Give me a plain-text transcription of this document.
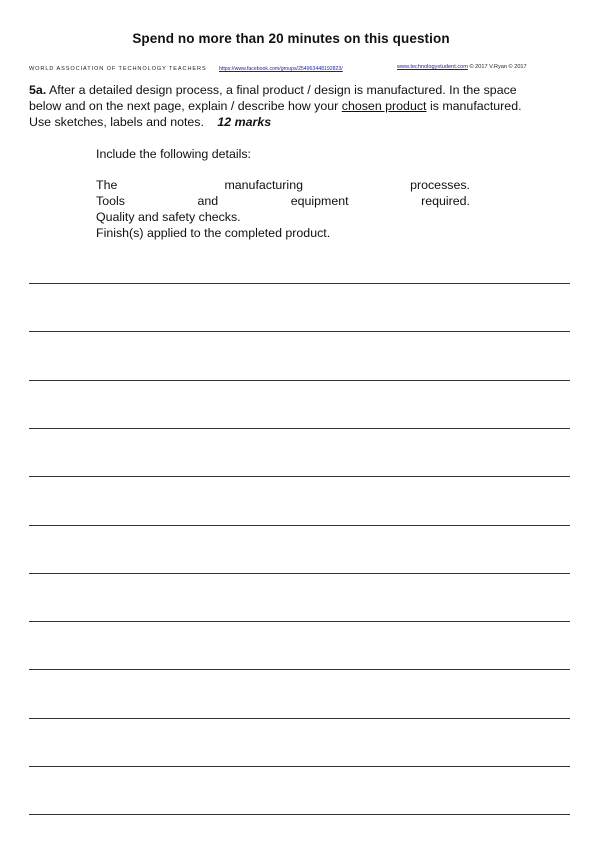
Spend no more than 20 minutes on this question
WORLD ASSOCIATION OF TECHNOLOGY TEACHERS https://www.facebook.com/groups/254963448192823/	www.technologystudent.com © 2017 V.Ryan © 2017
5a. After a detailed design process, a final product / design is manufactured. In the space below and on the next page, explain / describe how your chosen product is manufactured. Use sketches, labels and notes. 12 marks
Include the following details:
The	manufacturing	processes.
Tools	and	equipment	required.
Quality and safety checks.
Finish(s) applied to the completed product.
